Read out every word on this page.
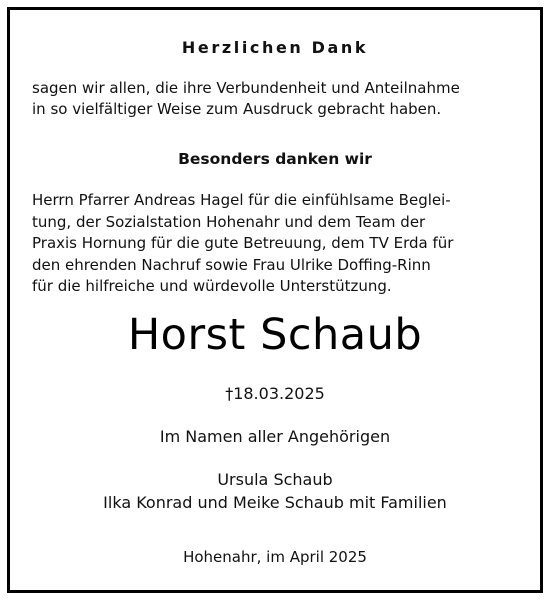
Herzlichen Dank
sagen wir allen, die ihre Verbundenheit und Anteilnahme
in so vielfältiger Weise zum Ausdruck gebracht haben.
Besonders danken wir
Herrn Pfarrer Andreas Hagel für die einfühlsame Beglei-
tung, der Sozialstation Hohenahr und dem Team der
Praxis Hornung für die gute Betreuung, dem TV Erda für
den ehrenden Nachruf sowie Frau Ulrike Doffing-Rinn
für die hilfreiche und würdevolle Unterstützung.
Horst Schaub
†18.03.2025
Im Namen aller Angehörigen
Ursula Schaub
Ilka Konrad und Meike Schaub mit Familien
Hohenahr, im April 2025
